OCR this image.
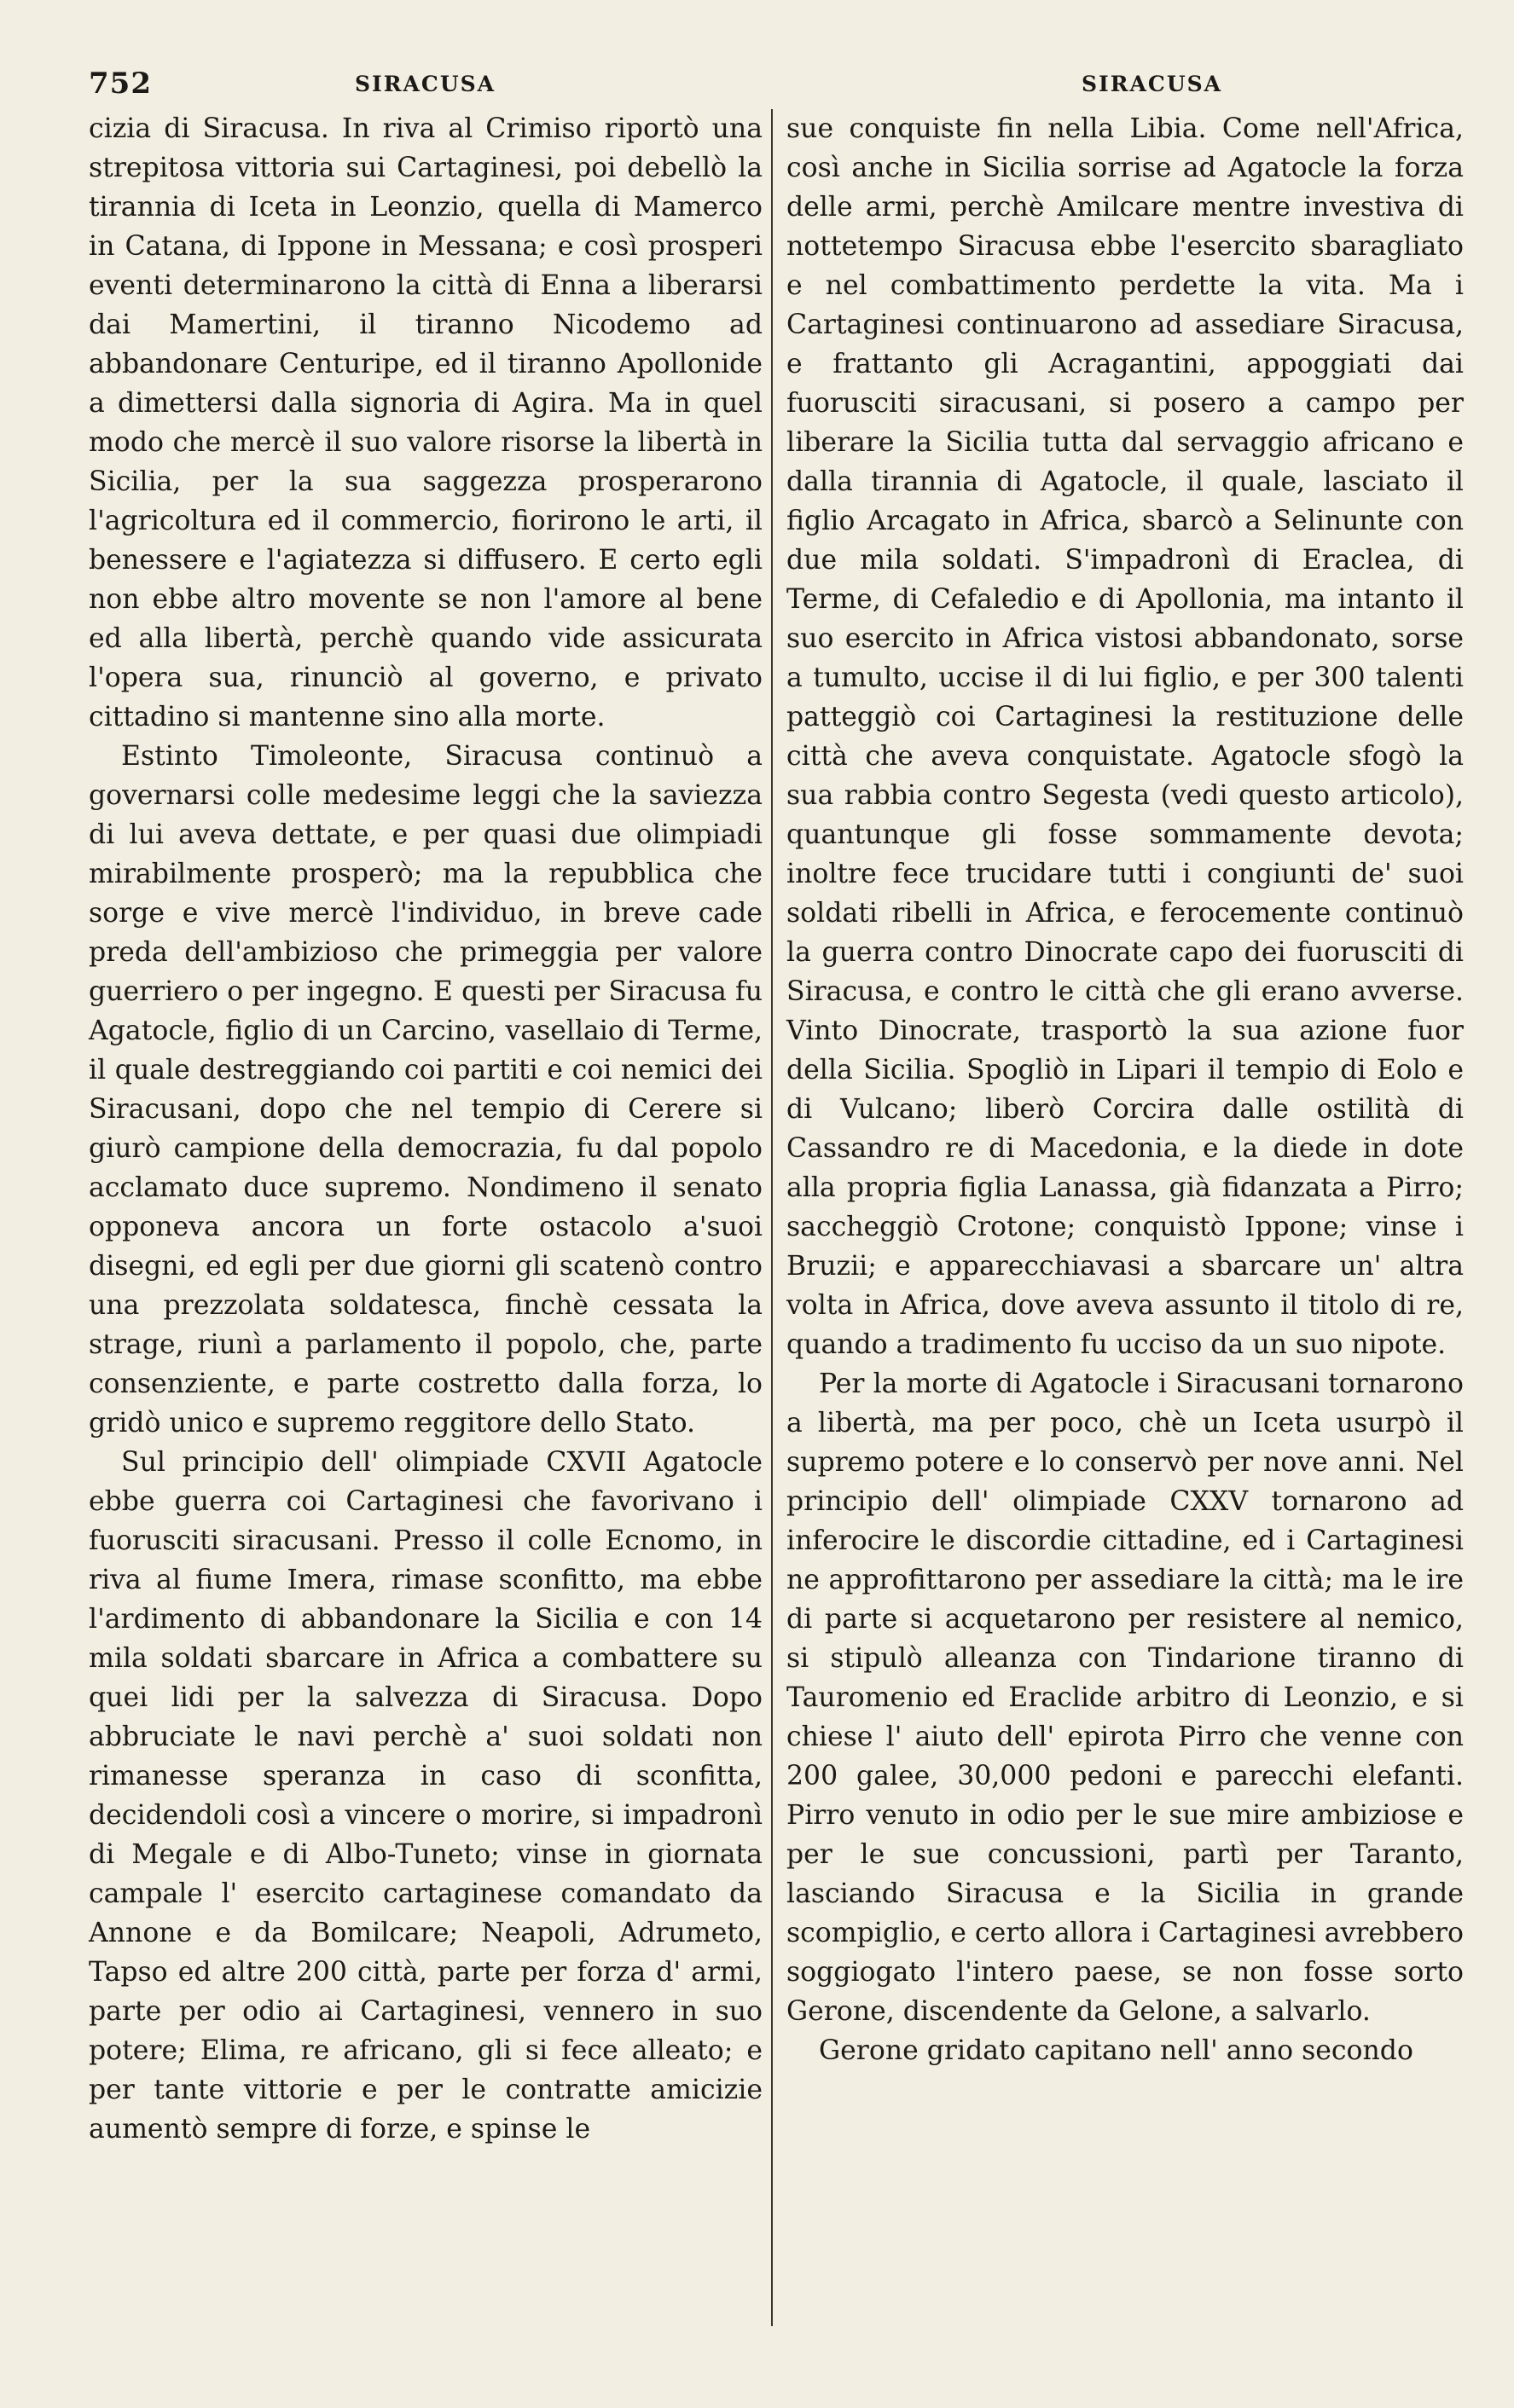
752	SIRACUSA	SIRACUSA

cizia di Siracusa. In riva al Crimiso riportò una strepitosa vittoria sui Cartaginesi, poi debellò la tirannia di Iceta in Leonzio, quella di Mamerco in Catana, di Ippone in Messana; e così prosperi eventi determinarono la città di Enna a liberarsi dai Mamertini, il tiranno Nicodemo ad abbandonare Centuripe, ed il tiranno Apollonide a dimettersi dalla signoria di Agira. Ma in quel modo che mercè il suo valore risorse la libertà in Sicilia, per la sua saggezza prosperarono l'agricoltura ed il commercio, fiorirono le arti, il benessere e l'agiatezza si diffusero. E certo egli non ebbe altro movente se non l'amore al bene ed alla libertà, perchè quando vide assicurata l'opera sua, rinunciò al governo, e privato cittadino si mantenne sino alla morte.

Estinto Timoleonte, Siracusa continuò a governarsi colle medesime leggi che la saviezza di lui aveva dettate, e per quasi due olimpiadi mirabilmente prosperò; ma la repubblica che sorge e vive mercè l'individuo, in breve cade preda dell'ambizioso che primeggia per valore guerriero o per ingegno. E questi per Siracusa fu Agatocle, figlio di un Carcino, vasellaio di Terme, il quale destreggiando coi partiti e coi nemici dei Siracusani, dopo che nel tempio di Cerere si giurò campione della democrazia, fu dal popolo acclamato duce supremo. Nondimeno il senato opponeva ancora un forte ostacolo a'suoi disegni, ed egli per due giorni gli scatenò contro una prezzolata soldatesca, finchè cessata la strage, riunì a parlamento il popolo, che, parte consenziente, e parte costretto dalla forza, lo gridò unico e supremo reggitore dello Stato.

Sul principio dell' olimpiade CXVII Agatocle ebbe guerra coi Cartaginesi che favorivano i fuorusciti siracusani. Presso il colle Ecnomo, in riva al fiume Imera, rimase sconfitto, ma ebbe l'ardimento di abbandonare la Sicilia e con 14 mila soldati sbarcare in Africa a combattere su quei lidi per la salvezza di Siracusa. Dopo abbruciate le navi perchè a' suoi soldati non rimanesse speranza in caso di sconfitta, decidendoli così a vincere o morire, si impadronì di Megale e di Albo-Tuneto; vinse in giornata campale l' esercito cartaginese comandato da Annone e da Bomilcare; Neapoli, Adrumeto, Tapso ed altre 200 città, parte per forza d' armi, parte per odio ai Cartaginesi, vennero in suo potere; Elima, re africano, gli si fece alleato; e per tante vittorie e per le contratte amicizie aumentò sempre di forze, e spinse le

sue conquiste fin nella Libia. Come nell'Africa, così anche in Sicilia sorrise ad Agatocle la forza delle armi, perchè Amilcare mentre investiva di nottetempo Siracusa ebbe l'esercito sbaragliato e nel combattimento perdette la vita. Ma i Cartaginesi continuarono ad assediare Siracusa, e frattanto gli Acragantini, appoggiati dai fuorusciti siracusani, si posero a campo per liberare la Sicilia tutta dal servaggio africano e dalla tirannia di Agatocle, il quale, lasciato il figlio Arcagato in Africa, sbarcò a Selinunte con due mila soldati. S'impadronì di Eraclea, di Terme, di Cefaledio e di Apollonia, ma intanto il suo esercito in Africa vistosi abbandonato, sorse a tumulto, uccise il di lui figlio, e per 300 talenti patteggiò coi Cartaginesi la restituzione delle città che aveva conquistate. Agatocle sfogò la sua rabbia contro Segesta (vedi questo articolo), quantunque gli fosse sommamente devota; inoltre fece trucidare tutti i congiunti de' suoi soldati ribelli in Africa, e ferocemente continuò la guerra contro Dinocrate capo dei fuorusciti di Siracusa, e contro le città che gli erano avverse. Vinto Dinocrate, trasportò la sua azione fuor della Sicilia. Spogliò in Lipari il tempio di Eolo e di Vulcano; liberò Corcira dalle ostilità di Cassandro re di Macedonia, e la diede in dote alla propria figlia Lanassa, già fidanzata a Pirro; saccheggiò Crotone; conquistò Ippone; vinse i Bruzii; e apparecchiavasi a sbarcare un' altra volta in Africa, dove aveva assunto il titolo di re, quando a tradimento fu ucciso da un suo nipote.

Per la morte di Agatocle i Siracusani tornarono a libertà, ma per poco, chè un Iceta usurpò il supremo potere e lo conservò per nove anni. Nel principio dell' olimpiade CXXV tornarono ad inferocire le discordie cittadine, ed i Cartaginesi ne approfittarono per assediare la città; ma le ire di parte si acquetarono per resistere al nemico, si stipulò alleanza con Tindarione tiranno di Tauromenio ed Eraclide arbitro di Leonzio, e si chiese l' aiuto dell' epirota Pirro che venne con 200 galee, 30,000 pedoni e parecchi elefanti. Pirro venuto in odio per le sue mire ambiziose e per le sue concussioni, partì per Taranto, lasciando Siracusa e la Sicilia in grande scompiglio, e certo allora i Cartaginesi avrebbero soggiogato l'intero paese, se non fosse sorto Gerone, discendente da Gelone, a salvarlo.

Gerone gridato capitano nell' anno secondo
